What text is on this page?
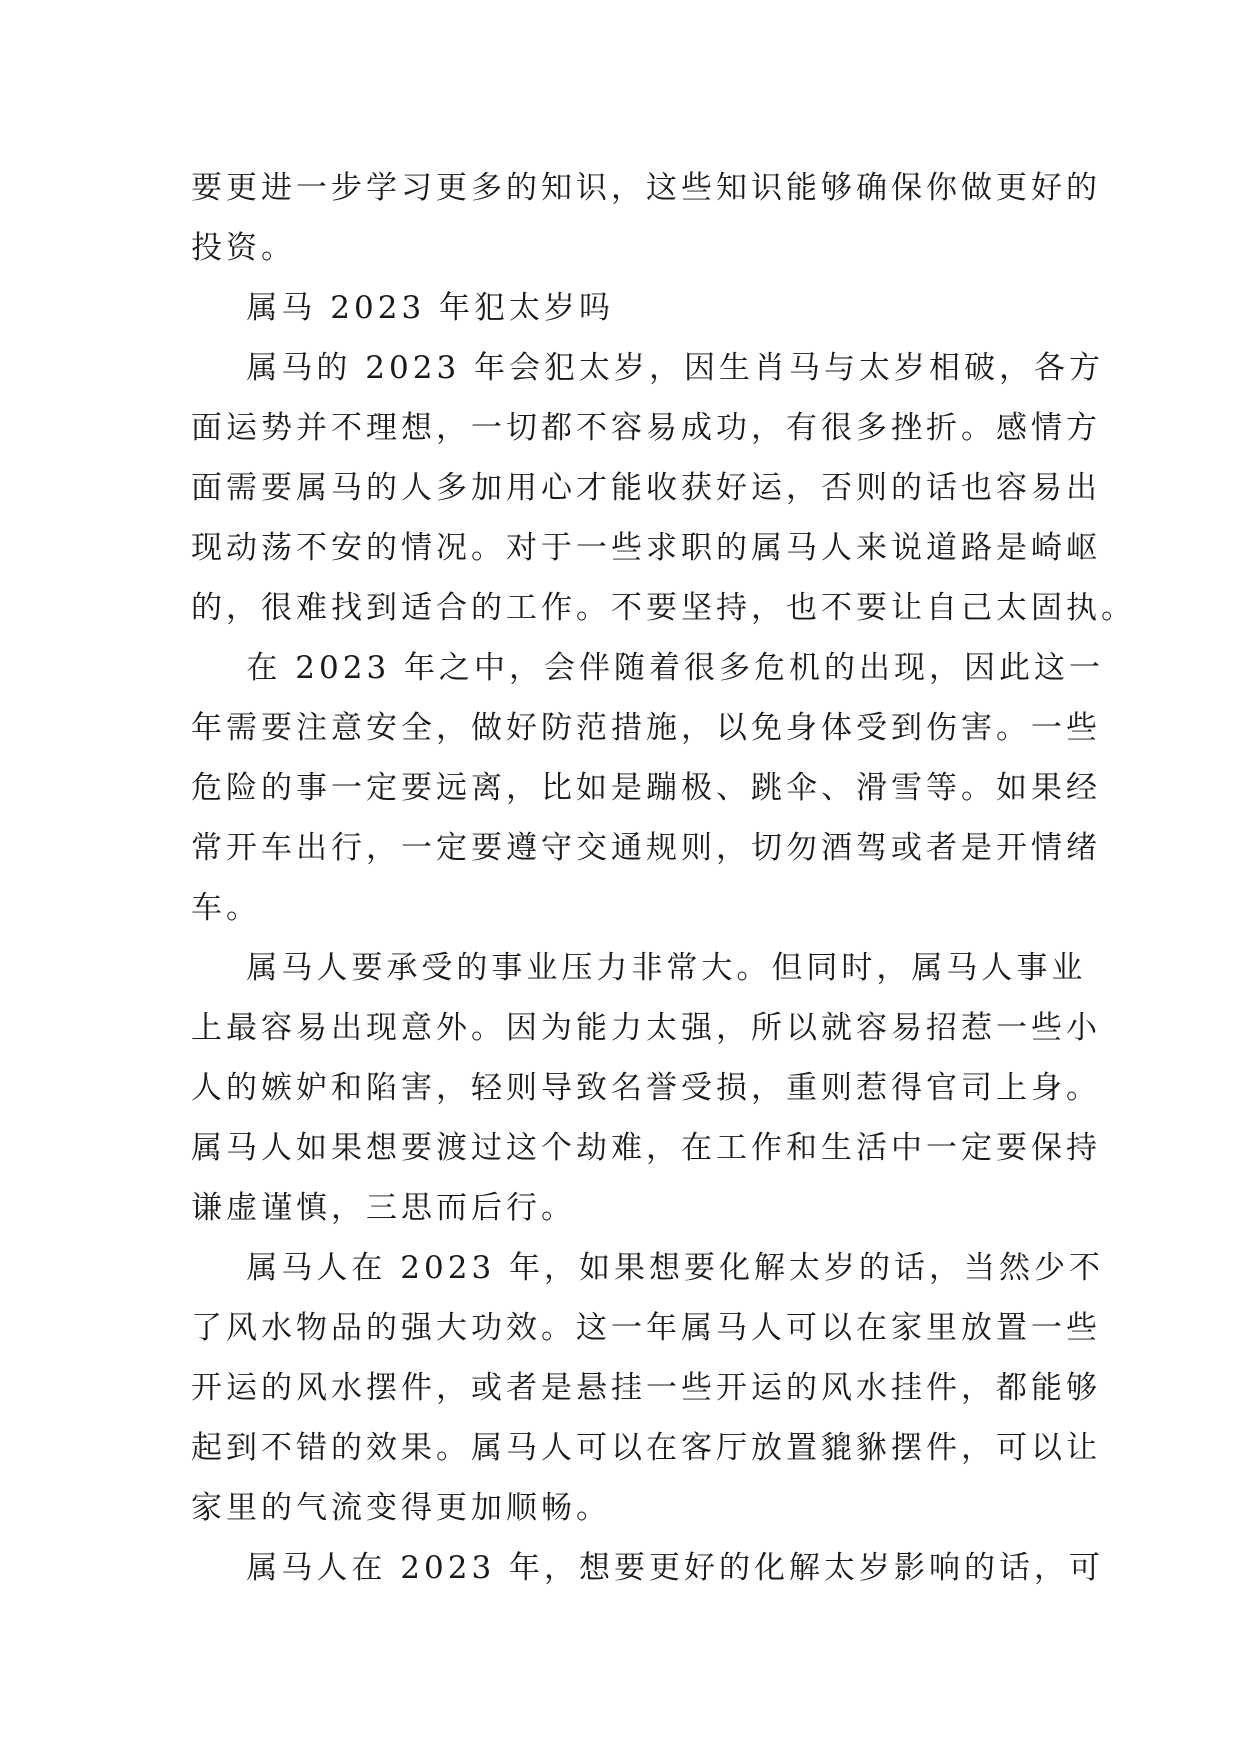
要更进一步学习更多的知识，这些知识能够确保你做更好的
投资。
属马 2023 年犯太岁吗
属马的 2023 年会犯太岁，因生肖马与太岁相破，各方
面运势并不理想，一切都不容易成功，有很多挫折。感情方
面需要属马的人多加用心才能收获好运，否则的话也容易出
现动荡不安的情况。对于一些求职的属马人来说道路是崎岖
的，很难找到适合的工作。不要坚持，也不要让自己太固执。
在 2023 年之中，会伴随着很多危机的出现，因此这一
年需要注意安全，做好防范措施，以免身体受到伤害。一些
危险的事一定要远离，比如是蹦极、跳伞、滑雪等。如果经
常开车出行，一定要遵守交通规则，切勿酒驾或者是开情绪
车。
属马人要承受的事业压力非常大。但同时，属马人事业
上最容易出现意外。因为能力太强，所以就容易招惹一些小
人的嫉妒和陷害，轻则导致名誉受损，重则惹得官司上身。
属马人如果想要渡过这个劫难，在工作和生活中一定要保持
谦虚谨慎，三思而后行。
属马人在 2023 年，如果想要化解太岁的话，当然少不
了风水物品的强大功效。这一年属马人可以在家里放置一些
开运的风水摆件，或者是悬挂一些开运的风水挂件，都能够
起到不错的效果。属马人可以在客厅放置貔貅摆件，可以让
家里的气流变得更加顺畅。
属马人在 2023 年，想要更好的化解太岁影响的话，可
